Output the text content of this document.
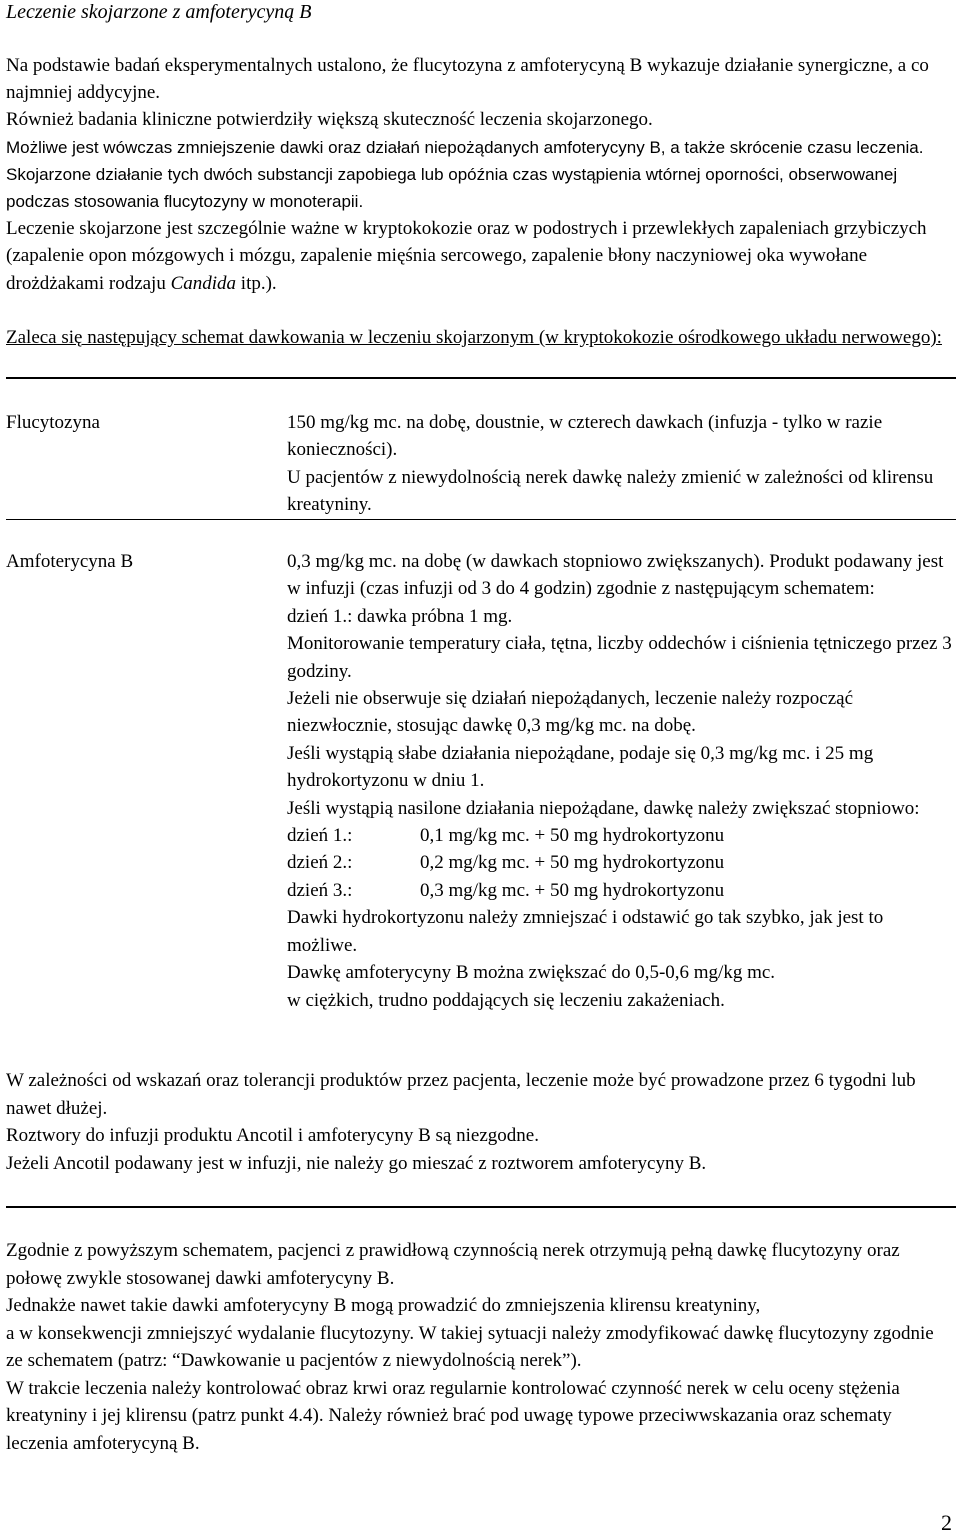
Leczenie skojarzone z amfoterycyną B

Na podstawie badań eksperymentalnych ustalono, że flucytozyna z amfoterycyną B wykazuje działanie synergiczne, a co najmniej addycyjne.

Również badania kliniczne potwierdziły większą skuteczność leczenia skojarzonego.

Możliwe jest wówczas zmniejszenie dawki oraz działań niepożądanych amfoterycyny B, a także skrócenie czasu leczenia.

Skojarzone działanie tych dwóch substancji zapobiega lub opóźnia czas wystąpienia wtórnej oporności, obserwowanej podczas stosowania flucytozyny w monoterapii.

Leczenie skojarzone jest szczególnie ważne w kryptokokozie oraz w podostrych i przewlekłych zapaleniach grzybiczych (zapalenie opon mózgowych i mózgu, zapalenie mięśnia sercowego, zapalenie błony naczyniowej oka wywołane drożdżakami rodzaju Candida itp.).

Zaleca się następujący schemat dawkowania w leczeniu skojarzonym (w kryptokokozie ośrodkowego układu nerwowego):

Flucytozyna	150 mg/kg mc. na dobę, doustnie, w czterech dawkach (infuzja - tylko w razie konieczności).

U pacjentów z niewydolnością nerek dawkę należy zmienić w zależności od klirensu kreatyniny.

Amfoterycyna B	0,3 mg/kg mc. na dobę (w dawkach stopniowo zwiększanych). Produkt podawany jest w infuzji (czas infuzji od 3 do 4 godzin) zgodnie z następującym schematem:

dzień 1.: dawka próbna 1 mg.

Monitorowanie temperatury ciała, tętna, liczby oddechów i ciśnienia tętniczego przez 3 godziny.

Jeżeli nie obserwuje się działań niepożądanych, leczenie należy rozpocząć niezwłocznie, stosując dawkę 0,3 mg/kg mc. na dobę.

Jeśli wystąpią słabe działania niepożądane, podaje się 0,3 mg/kg mc. i 25 mg hydrokortyzonu w dniu 1.

Jeśli wystąpią nasilone działania niepożądane, dawkę należy zwiększać stopniowo:

dzień 1.:	0,1 mg/kg mc. + 50 mg hydrokortyzonu
dzień 2.:	0,2 mg/kg mc. + 50 mg hydrokortyzonu
dzień 3.:	0,3 mg/kg mc. + 50 mg hydrokortyzonu

Dawki hydrokortyzonu należy zmniejszać i odstawić go tak szybko, jak jest to możliwe.

Dawkę amfoterycyny B można zwiększać do 0,5-0,6 mg/kg mc.

w ciężkich, trudno poddających się leczeniu zakażeniach.

W zależności od wskazań oraz tolerancji produktów przez pacjenta, leczenie może być prowadzone przez 6 tygodni lub nawet dłużej.

Roztwory do infuzji produktu Ancotil i amfoterycyny B są niezgodne.

Jeżeli Ancotil podawany jest w infuzji, nie należy go mieszać z roztworem amfoterycyny B.

Zgodnie z powyższym schematem, pacjenci z prawidłową czynnością nerek otrzymują pełną dawkę flucytozyny oraz połowę zwykle stosowanej dawki amfoterycyny B.

Jednakże nawet takie dawki amfoterycyny B mogą prowadzić do zmniejszenia klirensu kreatyniny,

a w konsekwencji zmniejszyć wydalanie flucytozyny. W takiej sytuacji należy zmodyfikować dawkę flucytozyny zgodnie ze schematem (patrz: “Dawkowanie u pacjentów z niewydolnością nerek”).

W trakcie leczenia należy kontrolować obraz krwi oraz regularnie kontrolować czynność nerek w celu oceny stężenia kreatyniny i jej klirensu (patrz punkt 4.4). Należy również brać pod uwagę typowe przeciwwskazania oraz schematy leczenia amfoterycyną B.

2
